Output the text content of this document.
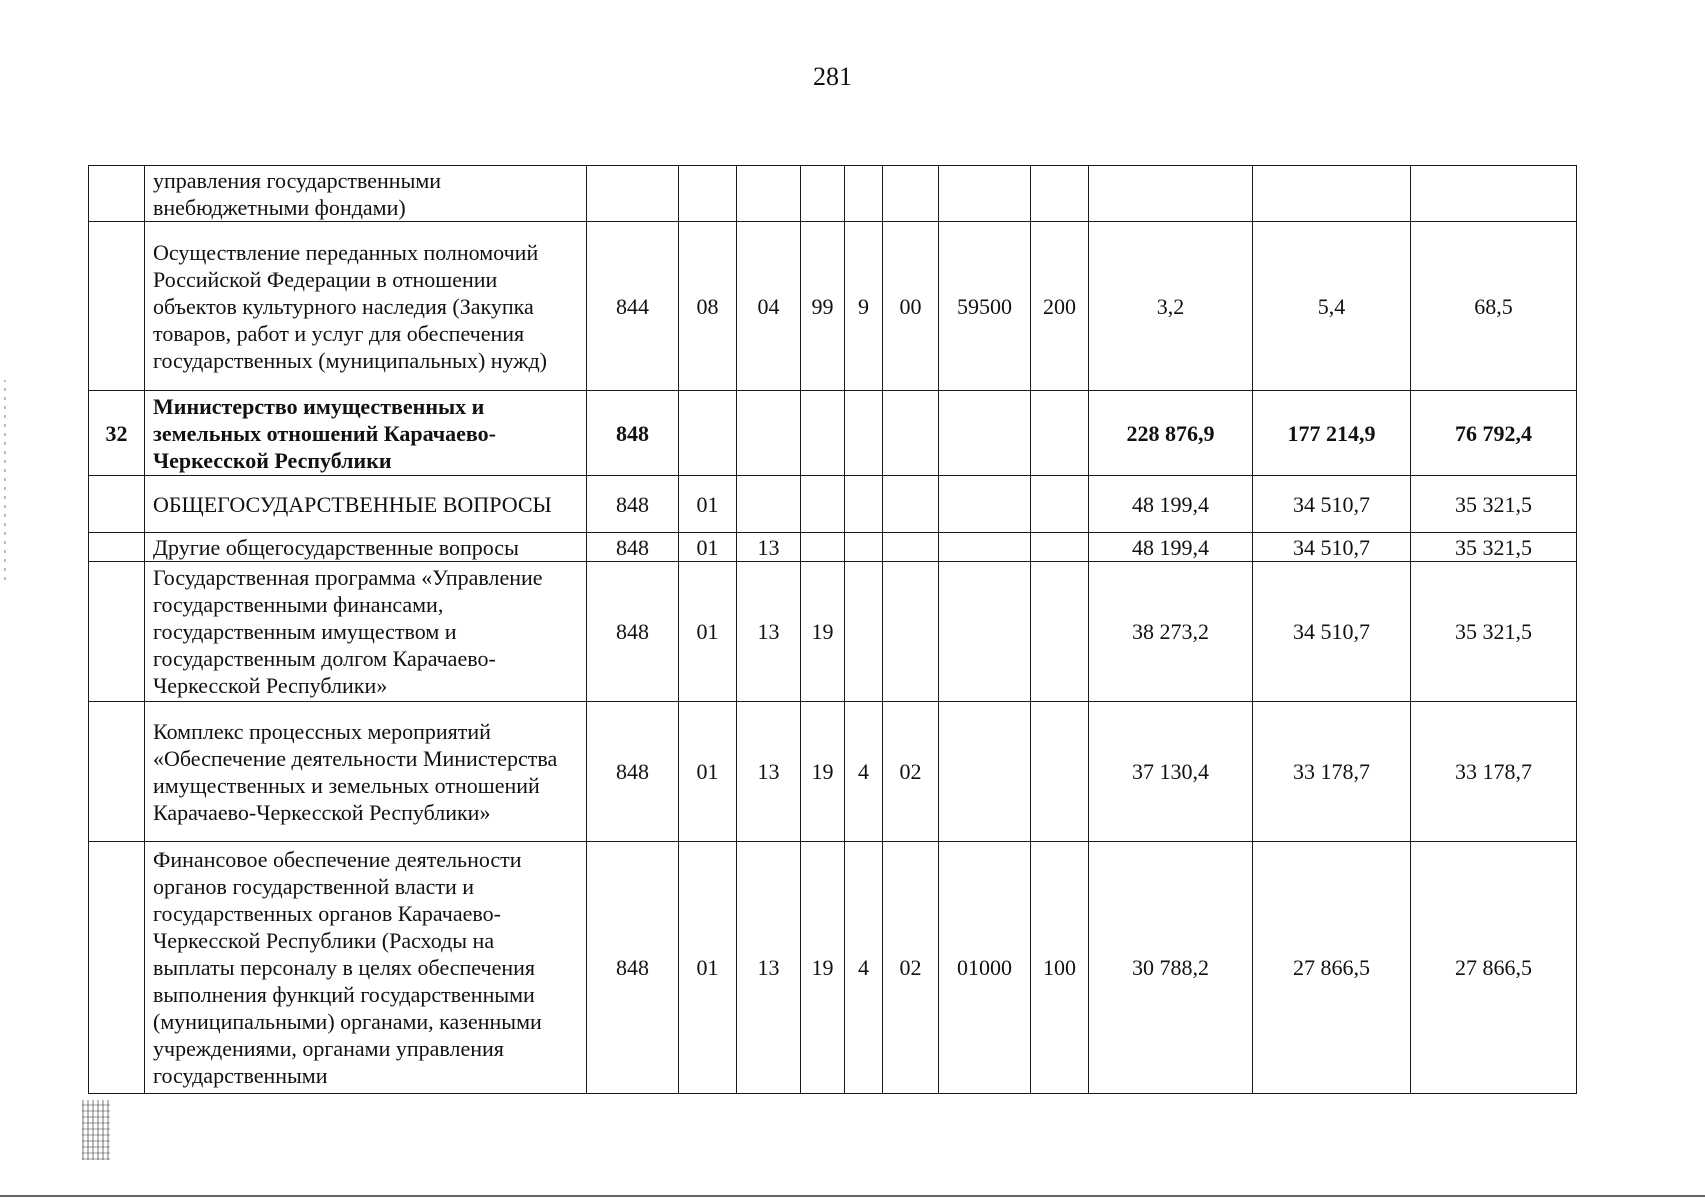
281
	управления государственными внебюджетными фондами)											
	Осуществление переданных полномочий Российской Федерации в отношении объектов культурного наследия (Закупка товаров, работ и услуг для обеспечения государственных (муниципальных) нужд)	844	08	04	99	9	00	59500	200	3,2	5,4	68,5
32	Министерство имущественных и земельных отношений Карачаево-Черкесской Республики	848								228 876,9	177 214,9	76 792,4
	ОБЩЕГОСУДАРСТВЕННЫЕ ВОПРОСЫ	848	01							48 199,4	34 510,7	35 321,5
	Другие общегосударственные вопросы	848	01	13						48 199,4	34 510,7	35 321,5
	Государственная программа «Управление государственными финансами, государственным имуществом и государственным долгом Карачаево-Черкесской Республики»	848	01	13	19					38 273,2	34 510,7	35 321,5
	Комплекс процессных мероприятий «Обеспечение деятельности Министерства имущественных и земельных отношений Карачаево-Черкесской Республики»	848	01	13	19	4	02			37 130,4	33 178,7	33 178,7
	Финансовое обеспечение деятельности органов государственной власти и государственных органов Карачаево-Черкесской Республики (Расходы на выплаты персоналу в целях обеспечения выполнения функций государственными (муниципальными) органами, казенными учреждениями, органами управления государственными	848	01	13	19	4	02	01000	100	30 788,2	27 866,5	27 866,5
